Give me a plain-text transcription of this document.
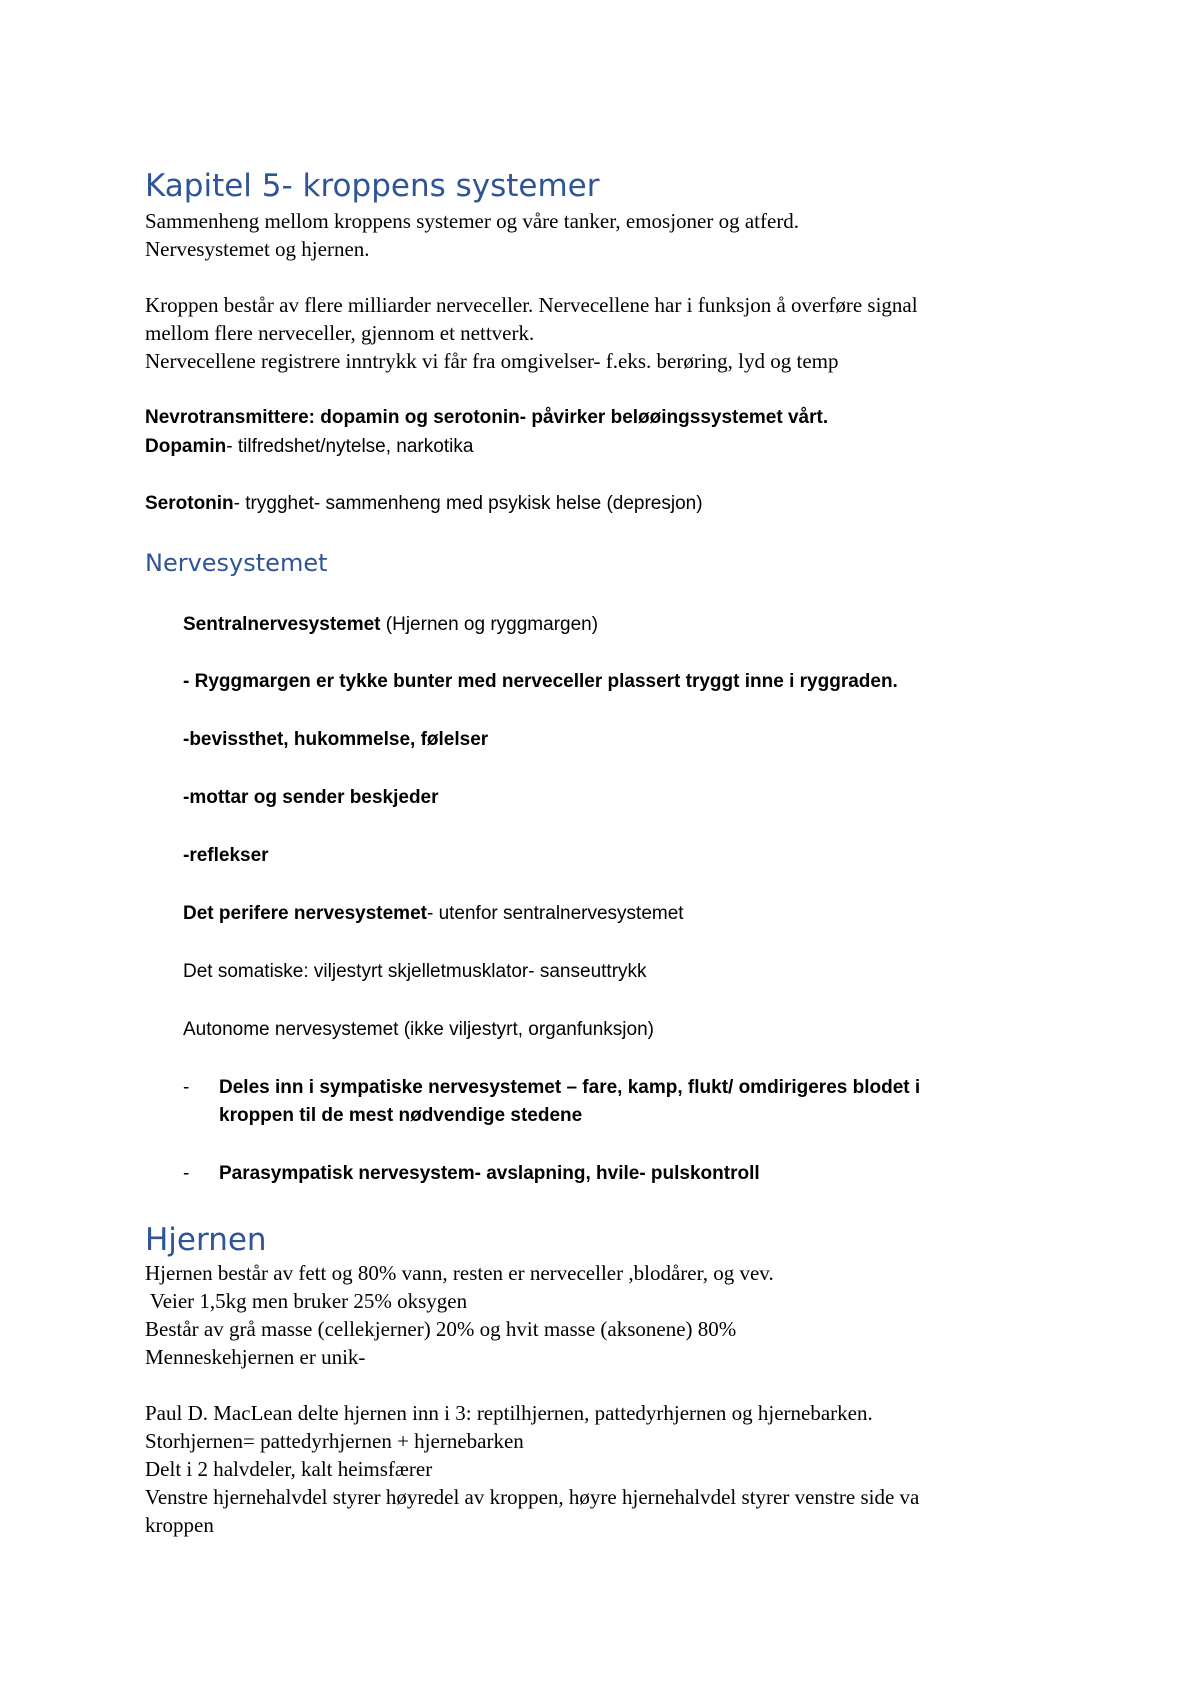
Kapitel 5- kroppens systemer
Sammenheng mellom kroppens systemer og våre tanker, emosjoner og atferd.
Nervesystemet og hjernen.
Kroppen består av flere milliarder nerveceller. Nervecellene har i funksjon å overføre signal
mellom flere nerveceller, gjennom et nettverk.
Nervecellene registrere inntrykk vi får fra omgivelser- f.eks. berøring, lyd og temp
Nevrotransmittere: dopamin og serotonin- påvirker beløøingssystemet vårt.
Dopamin- tilfredshet/nytelse, narkotika
Serotonin- trygghet- sammenheng med psykisk helse (depresjon)
Nervesystemet
Sentralnervesystemet (Hjernen og ryggmargen)
- Ryggmargen er tykke bunter med nerveceller plassert tryggt inne i ryggraden.
-bevissthet, hukommelse, følelser
-mottar og sender beskjeder
-reflekser
Det perifere nervesystemet- utenfor sentralnervesystemet
Det somatiske: viljestyrt skjelletmusklator- sanseuttrykk
Autonome nervesystemet (ikke viljestyrt, organfunksjon)
- Deles inn i sympatiske nervesystemet – fare, kamp, flukt/ omdirigeres blodet i
kroppen til de mest nødvendige stedene
- Parasympatisk nervesystem- avslapning, hvile- pulskontroll
Hjernen
Hjernen består av fett og 80% vann, resten er nerveceller ,blodårer, og vev.
Veier 1,5kg men bruker 25% oksygen
Består av grå masse (cellekjerner) 20% og hvit masse (aksonene) 80%
Menneskehjernen er unik-
Paul D. MacLean delte hjernen inn i 3: reptilhjernen, pattedyrhjernen og hjernebarken.
Storhjernen= pattedyrhjernen + hjernebarken
Delt i 2 halvdeler, kalt heimsfærer
Venstre hjernehalvdel styrer høyredel av kroppen, høyre hjernehalvdel styrer venstre side va
kroppen
